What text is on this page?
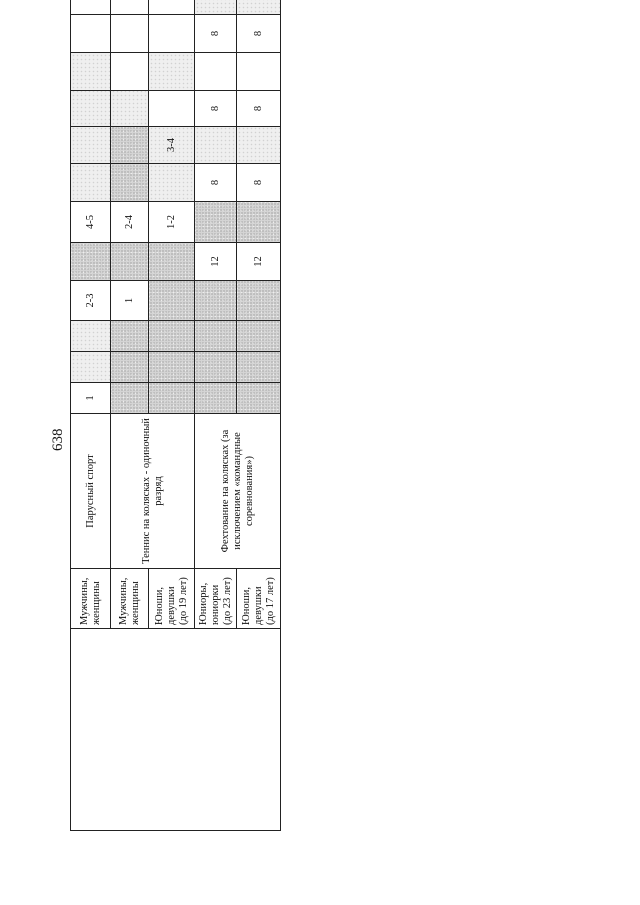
638
	Мужчины, женщины	Парусный спорт	1			2-3		4-5						
	Мужчины, женщины	Теннис на колясках - одиночный разряд				1		2-4						
	Юноши, девушки (до 19 лет)							1-2		3-4				
	Юниоры, юниорки (до 23 лет)	Фехтование на колясках (за исключением «командные соревнования»)					12		8		8		8	
	Юноши, девушки (до 17 лет)						12		8		8		8	
